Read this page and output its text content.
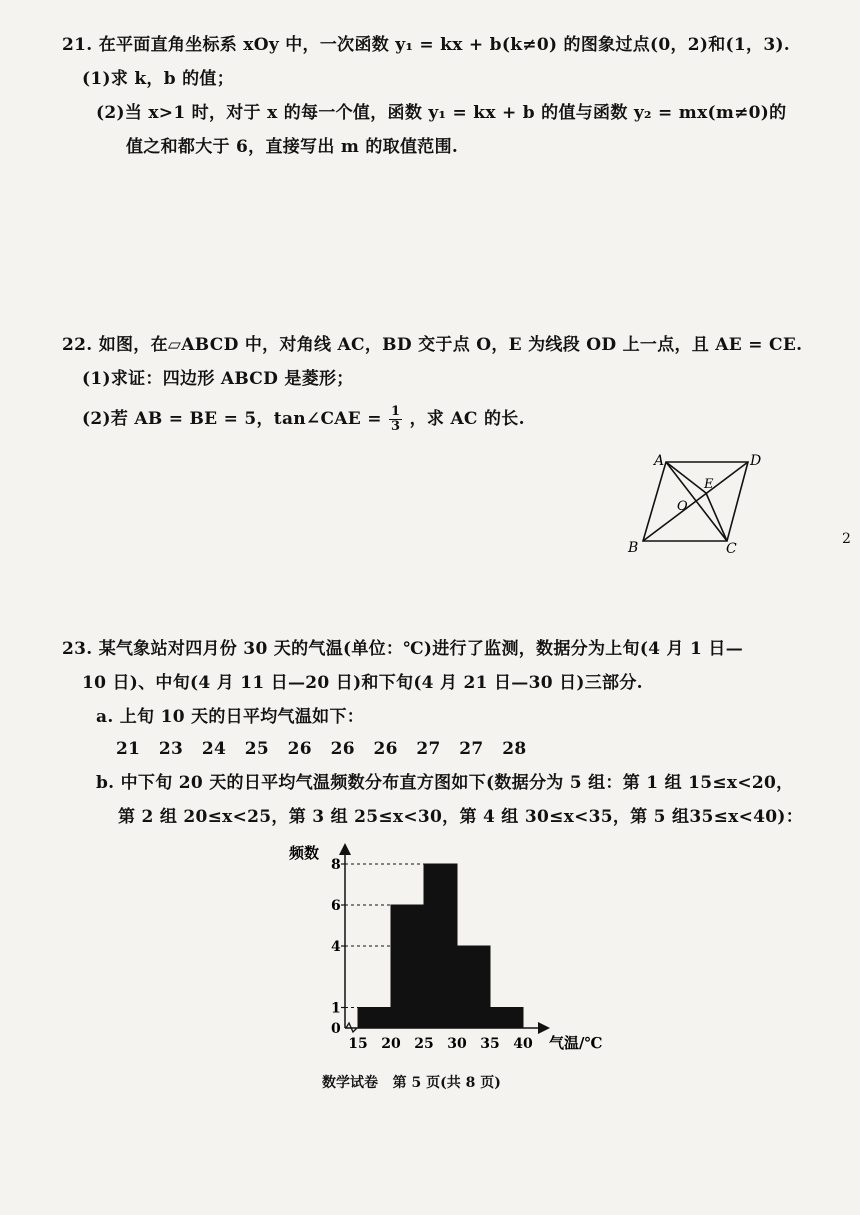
21. 在平面直角坐标系 xOy 中，一次函数 y₁ = kx + b(k≠0) 的图象过点(0，2)和(1，3).
(1)求 k，b 的值；
(2)当 x>1 时，对于 x 的每一个值，函数 y₁ = kx + b 的值与函数 y₂ = mx(m≠0)的
值之和都大于 6，直接写出 m 的取值范围.
22. 如图，在▱ABCD 中，对角线 AC，BD 交于点 O，E 为线段 OD 上一点，且 AE = CE.
(1)求证：四边形 ABCD 是菱形；
(2)若 AB = BE = 5，tan∠CAE = $\frac{1}{3}$ ，求 AC 的长.
A	D
B	C
E
O
2
23. 某气象站对四月份 30 天的气温(单位：℃)进行了监测，数据分为上旬(4 月 1 日—
10 日)、中旬(4 月 11 日—20 日)和下旬(4 月 21 日—30 日)三部分.
a. 上旬 10 天的日平均气温如下：
21   23   24   25   26   26   26   27   27   28
b. 中下旬 20 天的日平均气温频数分布直方图如下(数据分为 5 组：第 1 组 15≤x<20，
第 2 组 20≤x<25，第 3 组 25≤x<30，第 4 组 30≤x<35，第 5 组35≤x<40)：
0
1
4
6
8
15 20 25 30 35 40
频数
气温/℃
数学试卷   第 5 页(共 8 页)
